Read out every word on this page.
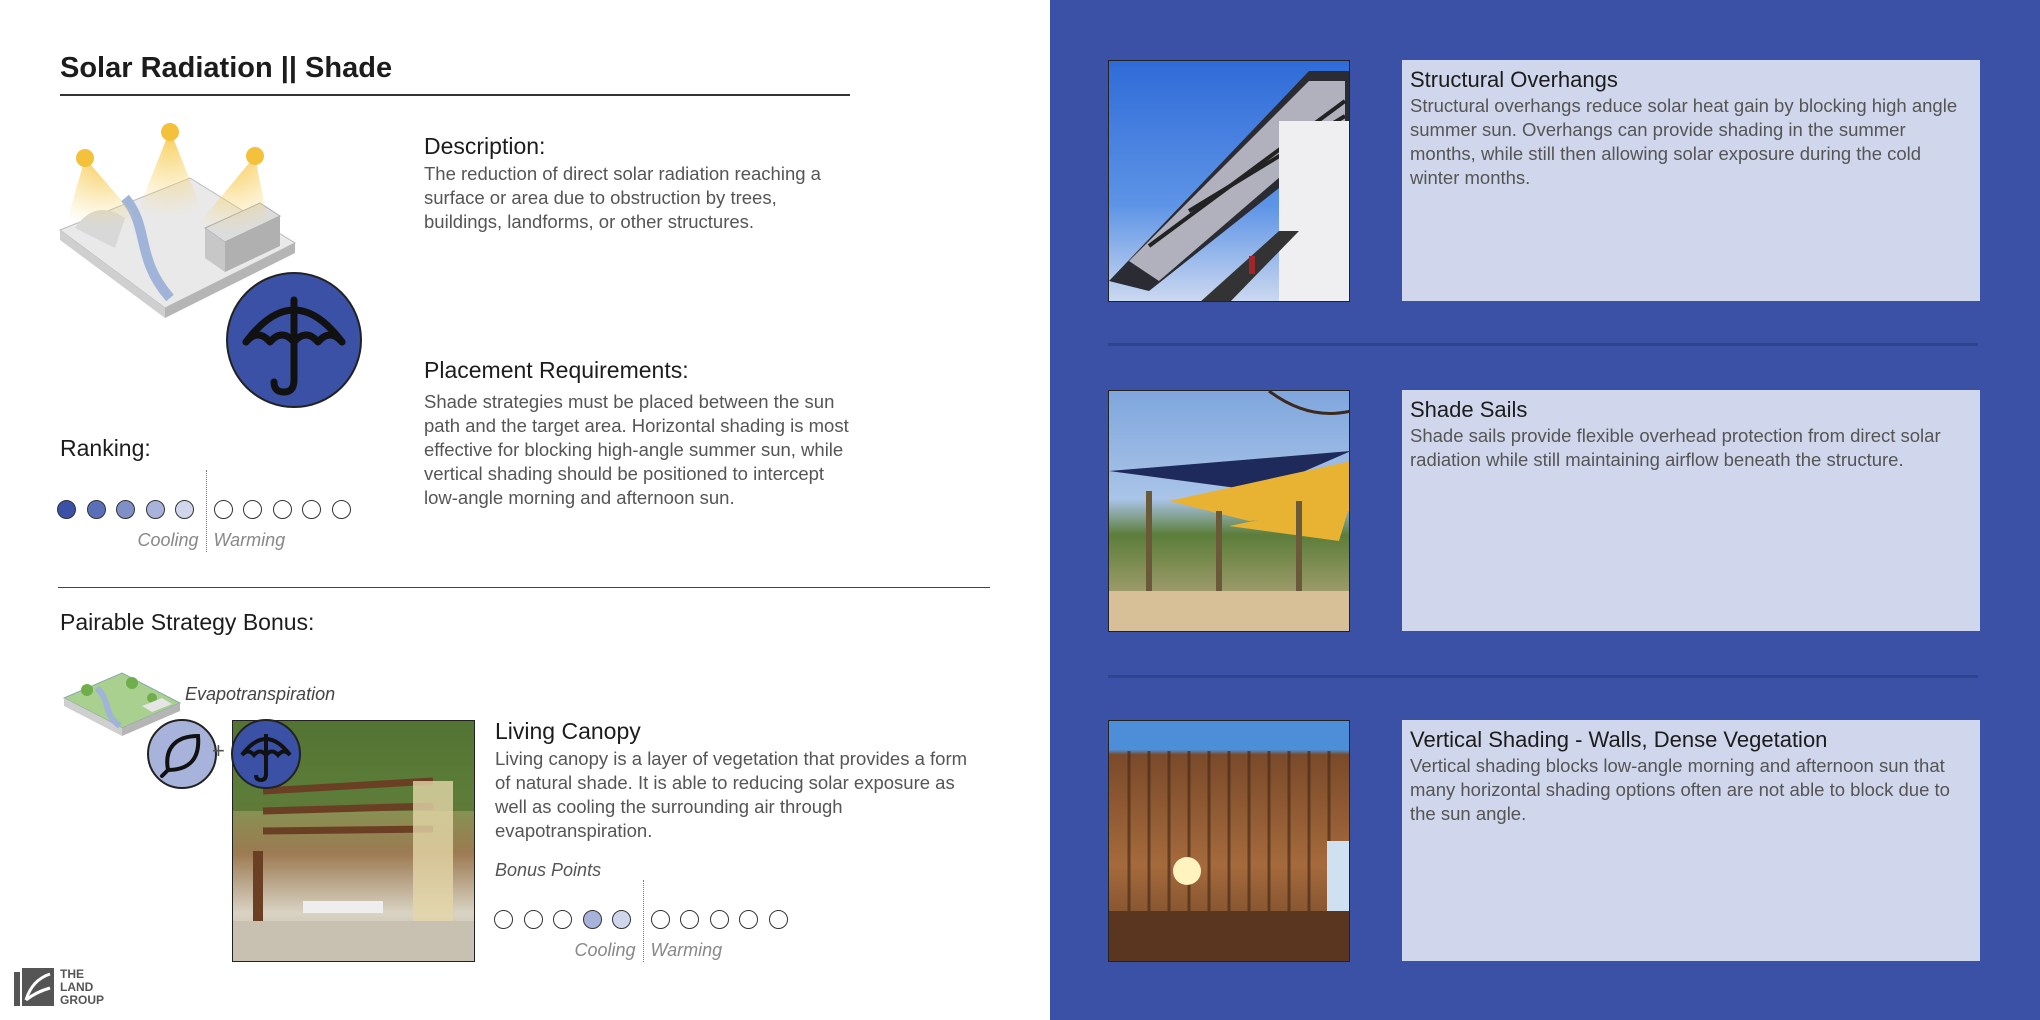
Solar Radiation || Shade
Description:
The reduction of direct solar radiation reaching a surface or area due to obstruction by trees, buildings, landforms, or other structures.
Placement Requirements:
Shade strategies must be placed between the sun path and the target area. Horizontal shading is most effective for blocking high-angle summer sun, while vertical shading should be positioned to intercept low-angle morning and afternoon sun.
Ranking:
Cooling Warming
Pairable Strategy Bonus:
Evapotranspiration
+
Living Canopy
Living canopy is a layer of vegetation that provides a form of natural shade. It is able to reducing solar exposure as well as cooling the surrounding air through evapotranspiration.
Bonus Points
Cooling Warming
THE
LAND
GROUP
Structural Overhangs
Structural overhangs reduce solar heat gain by blocking high angle summer sun. Overhangs can provide shading in the summer months, while still then allowing solar exposure during the cold winter months.
Shade Sails
Shade sails provide flexible overhead protection from direct solar radiation while still maintaining airflow beneath the structure.
Vertical Shading - Walls, Dense Vegetation
Vertical shading blocks low-angle morning and afternoon sun that many horizontal shading options often are not able to block due to the sun angle.
